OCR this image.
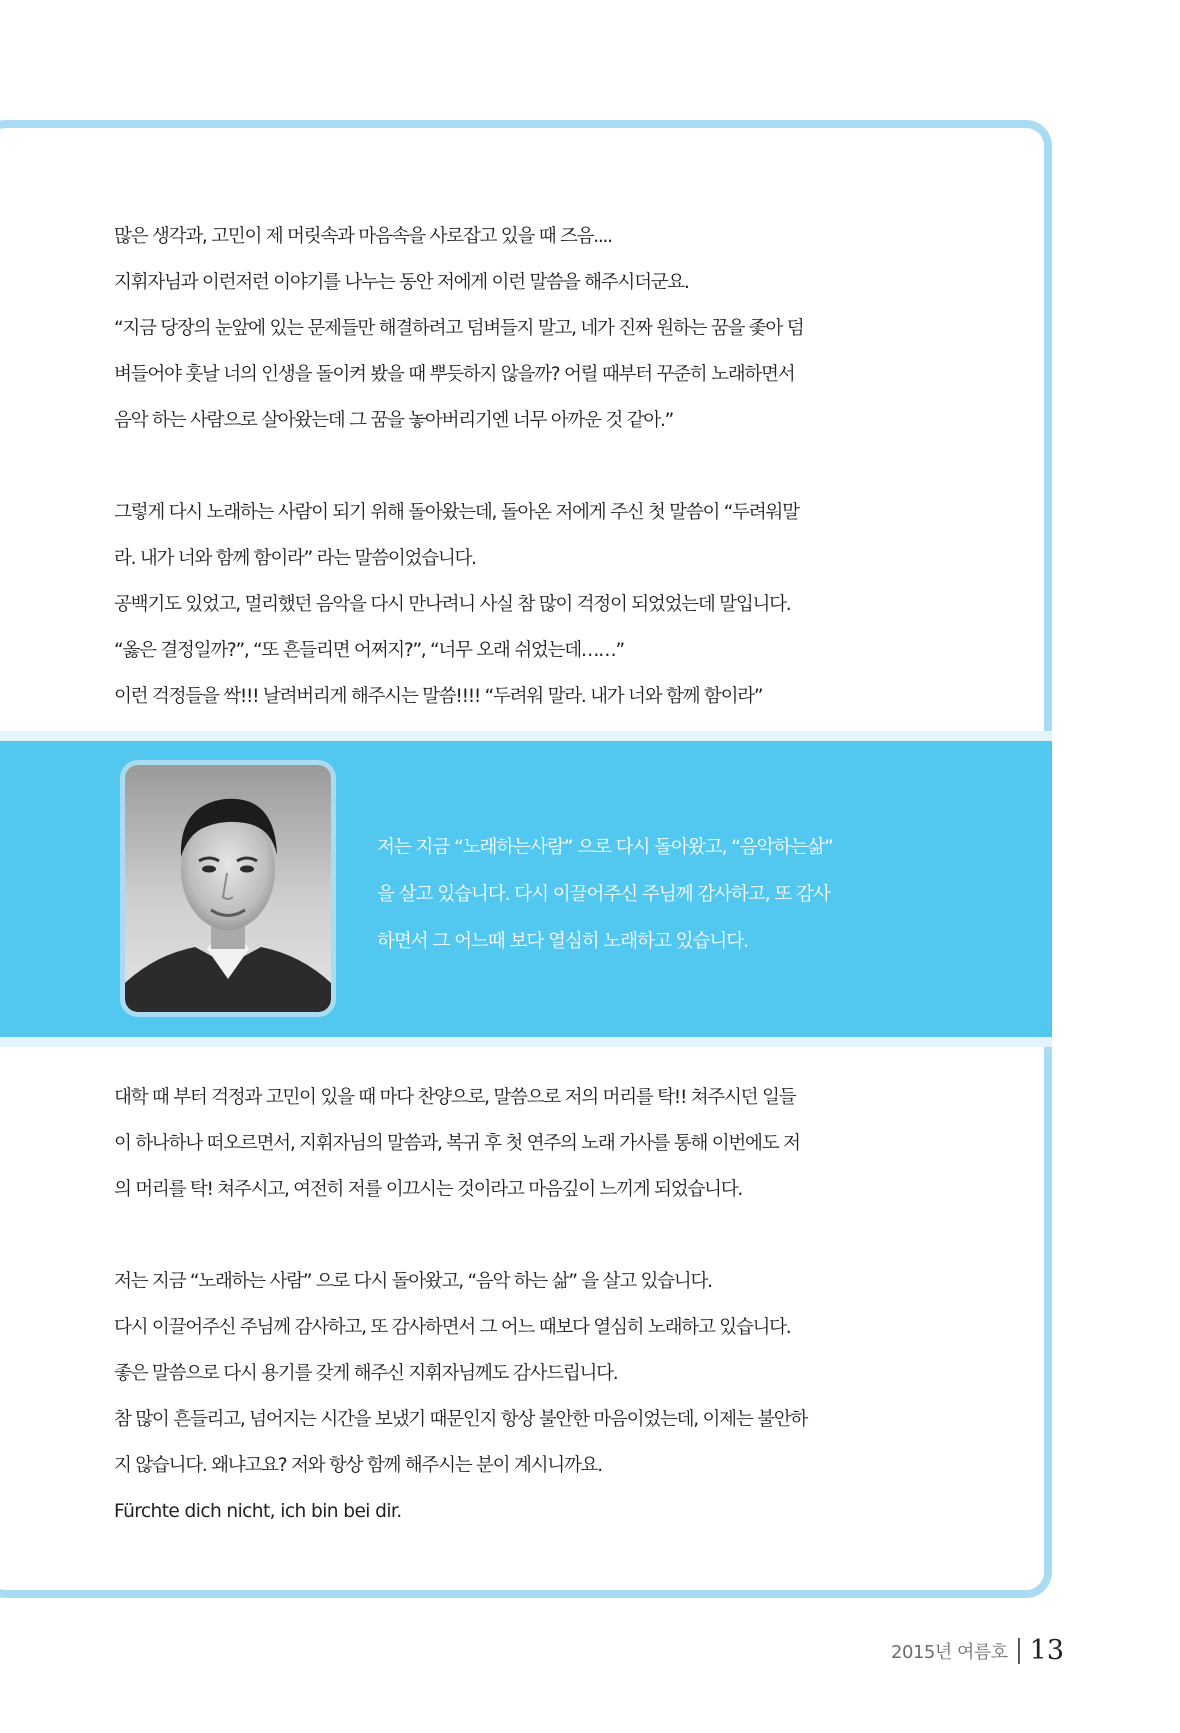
많은 생각과, 고민이 제 머릿속과 마음속을 사로잡고 있을 때 즈음....
지휘자님과 이런저런 이야기를 나누는 동안 저에게 이런 말씀을 해주시더군요.
“지금 당장의 눈앞에 있는 문제들만 해결하려고 덤벼들지 말고, 네가 진짜 원하는 꿈을 좇아 덤
벼들어야 훗날 너의 인생을 돌이켜 봤을 때 뿌듯하지 않을까? 어릴 때부터 꾸준히 노래하면서
음악 하는 사람으로 살아왔는데 그 꿈을 놓아버리기엔 너무 아까운 것 같아.”
그렇게 다시 노래하는 사람이 되기 위해 돌아왔는데, 돌아온 저에게 주신 첫 말씀이 “두려워말
라. 내가 너와 함께 함이라” 라는 말씀이었습니다.
공백기도 있었고, 멀리했던 음악을 다시 만나려니 사실 참 많이 걱정이 되었었는데 말입니다.
“옳은 결정일까?”, “또 흔들리면 어쩌지?”, “너무 오래 쉬었는데……”
이런 걱정들을 싹!!! 날려버리게 해주시는 말씀!!!! “두려워 말라. 내가 너와 함께 함이라”
저는 지금 “노래하는사람” 으로 다시 돌아왔고, “음악하는삶”
을 살고 있습니다. 다시 이끌어주신 주님께 감사하고, 또 감사
하면서 그 어느때 보다 열심히 노래하고 있습니다.
대학 때 부터 걱정과 고민이 있을 때 마다 찬양으로, 말씀으로 저의 머리를 탁!! 쳐주시던 일들
이 하나하나 떠오르면서, 지휘자님의 말씀과, 복귀 후 첫 연주의 노래 가사를 통해 이번에도 저
의 머리를 탁! 쳐주시고, 여전히 저를 이끄시는 것이라고 마음깊이 느끼게 되었습니다.
저는 지금 “노래하는 사람” 으로 다시 돌아왔고, “음악 하는 삶” 을 살고 있습니다.
다시 이끌어주신 주님께 감사하고, 또 감사하면서 그 어느 때보다 열심히 노래하고 있습니다.
좋은 말씀으로 다시 용기를 갖게 해주신 지휘자님께도 감사드립니다.
참 많이 흔들리고, 넘어지는 시간을 보냈기 때문인지 항상 불안한 마음이었는데, 이제는 불안하
지 않습니다. 왜냐고요? 저와 항상 함께 해주시는 분이 계시니까요.
Fürchte dich nicht, ich bin bei dir.
2015년 여름호 13
